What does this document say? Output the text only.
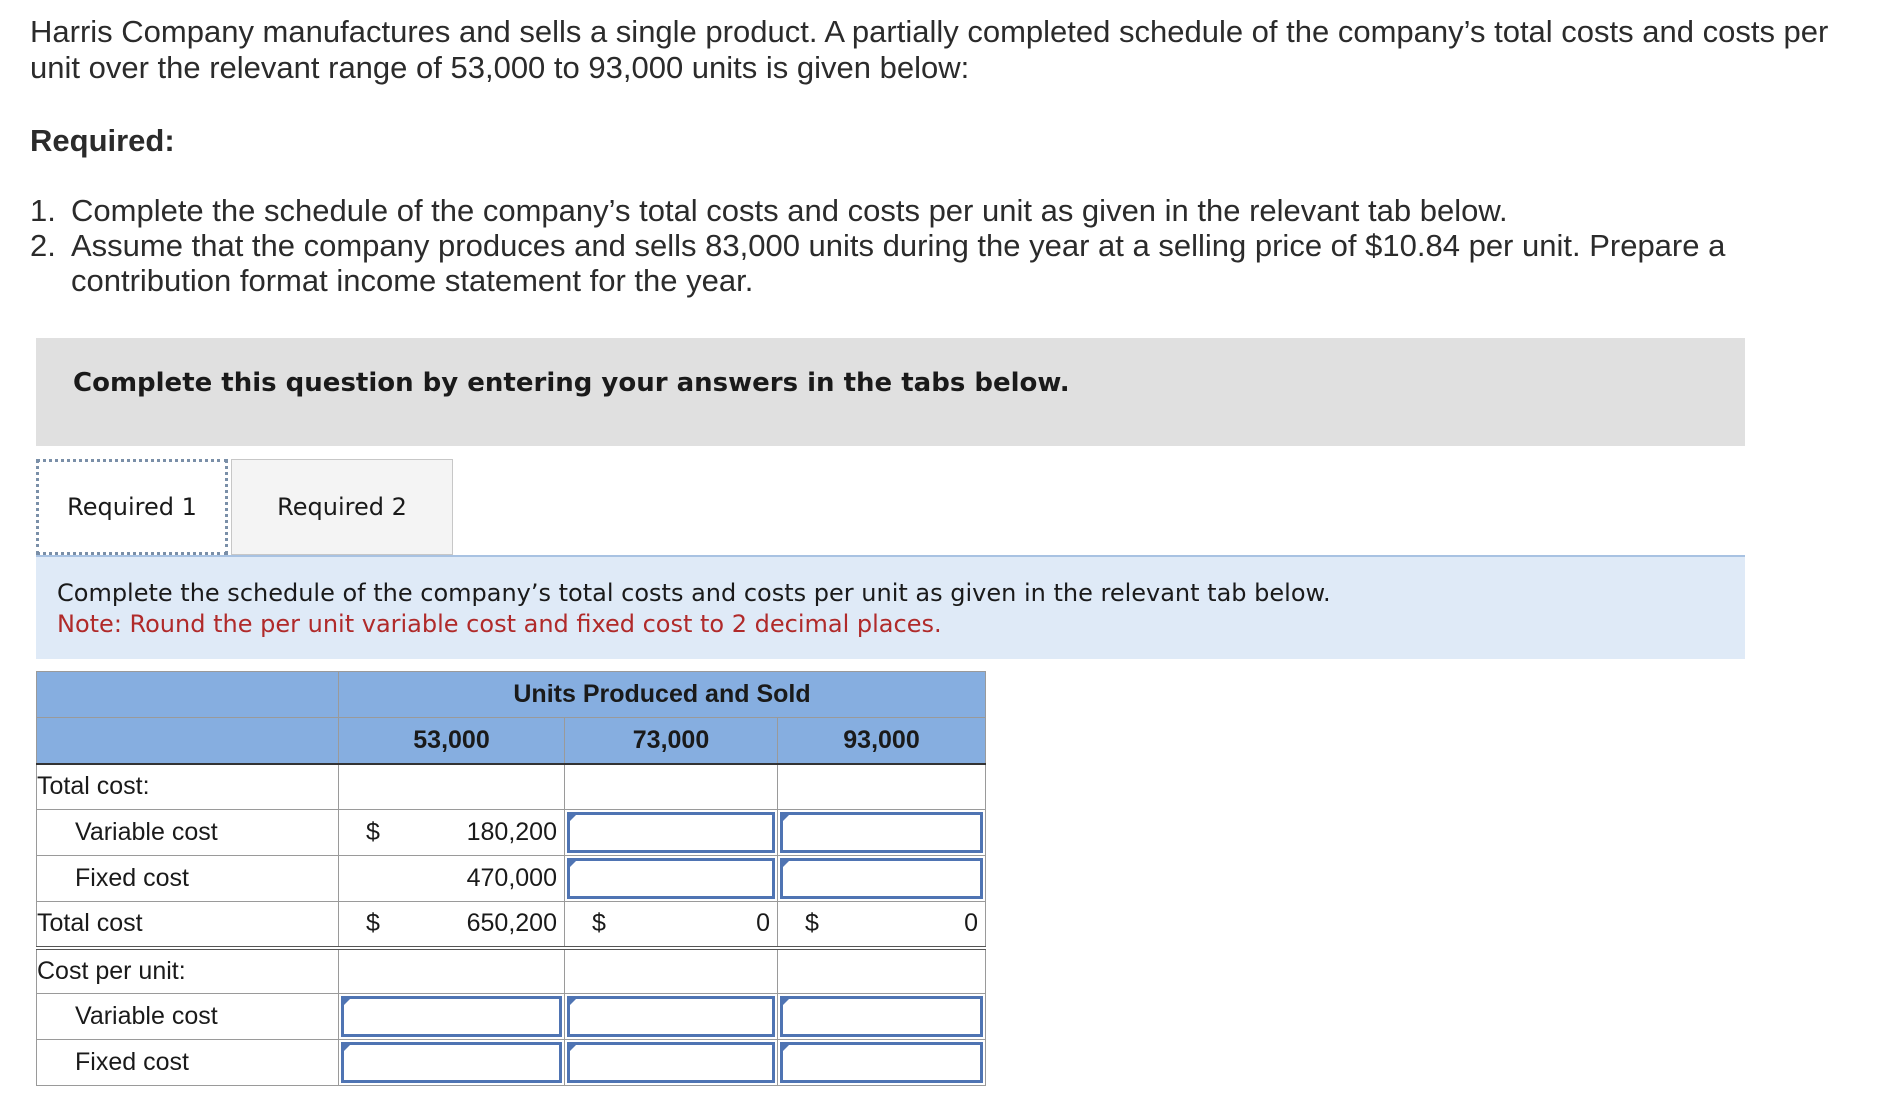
Harris Company manufactures and sells a single product. A partially completed schedule of the company’s total costs and costs per unit over the relevant range of 53,000 to 93,000 units is given below:
Required:
1. Complete the schedule of the company’s total costs and costs per unit as given in the relevant tab below.
2. Assume that the company produces and sells 83,000 units during the year at a selling price of $10.84 per unit. Prepare a contribution format income statement for the year.
Complete this question by entering your answers in the tabs below.
Required 1	Required 2
Complete the schedule of the company’s total costs and costs per unit as given in the relevant tab below.
Note: Round the per unit variable cost and fixed cost to 2 decimal places.
	Units Produced and Sold		
	53,000	73,000	93,000
Total cost:			
Variable cost	$ 180,200		

Fixed cost	470,000		

Total cost	$ 650,200	$ 0	$ 0

Cost per unit:			
Variable cost	

Fixed cost	
